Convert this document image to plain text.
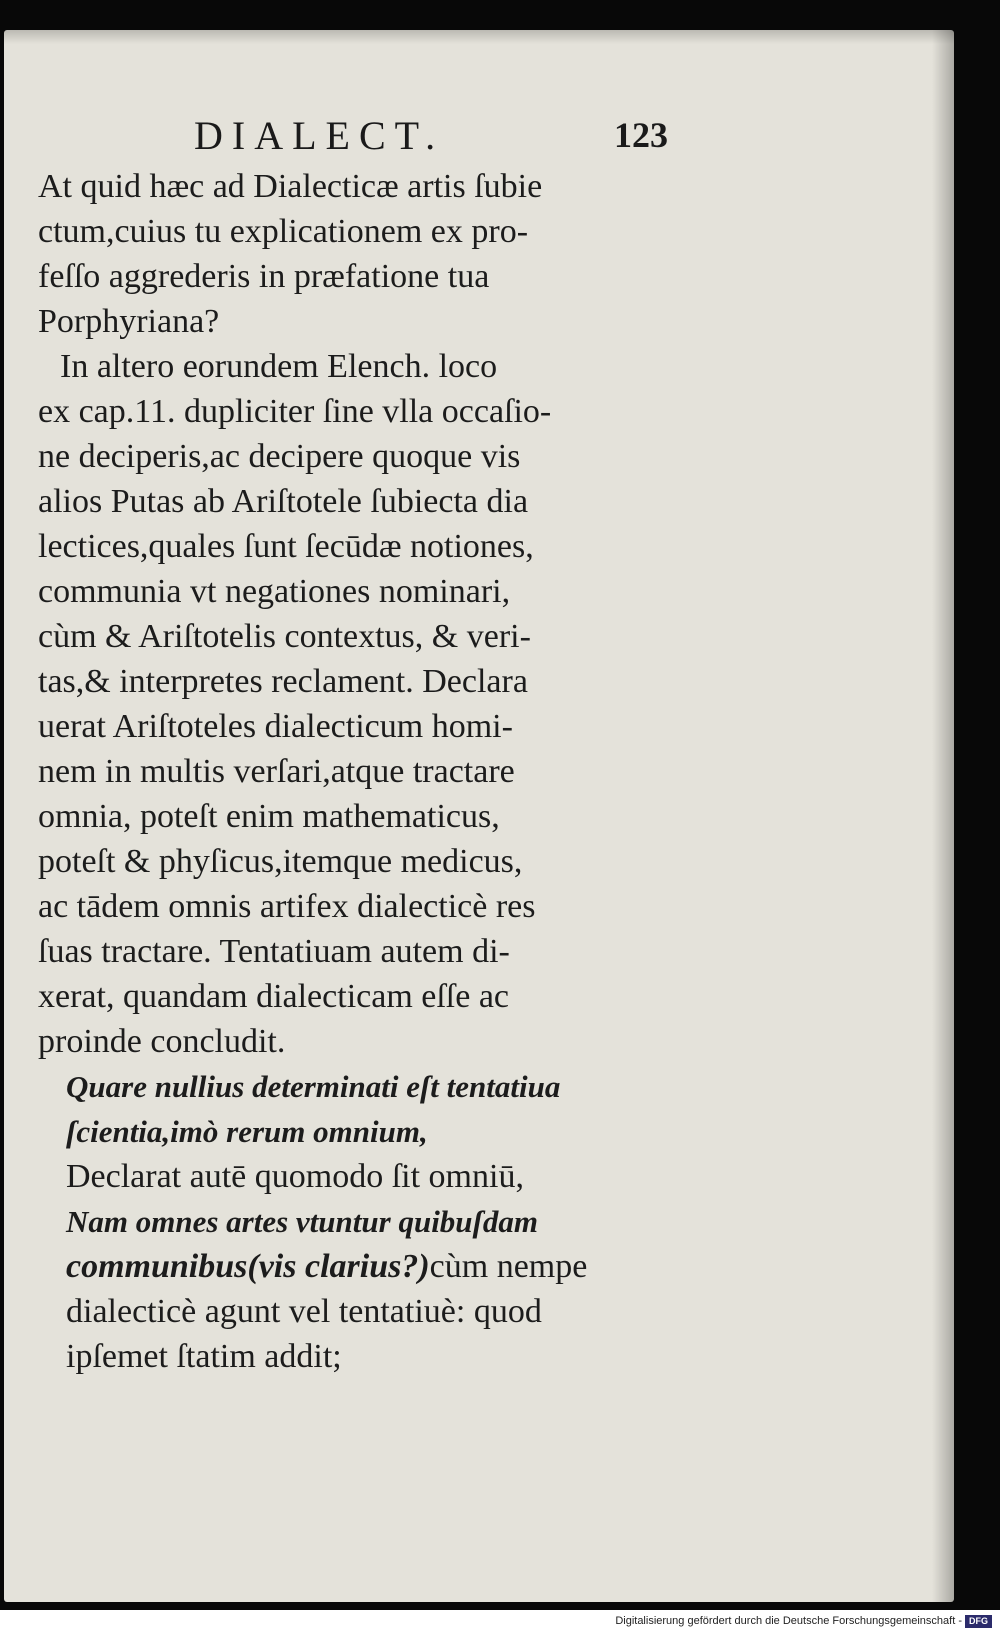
DIALECT.	123
At quid hæc ad Dialecticæ artis ſubie
ctum,cuius tu explicationem ex pro-
feſſo aggrederis in præfatione tua
Porphyriana?
In altero eorundem Elench. loco
ex cap.11. dupliciter ſine vlla occaſio-
ne deciperis,ac decipere quoque vis
alios Putas ab Ariſtotele ſubiecta dia
lectices,quales ſunt ſecūdæ notiones,
communia vt negationes nominari,
cùm & Ariſtotelis contextus, & veri-
tas,& interpretes reclament. Declara
uerat Ariſtoteles dialecticum homi-
nem in multis verſari,atque tractare
omnia, poteſt enim mathematicus,
poteſt & phyſicus,itemque medicus,
ac tādem omnis artifex dialecticè res
ſuas tractare. Tentatiuam autem di-
xerat, quandam dialecticam eſſe ac
proinde concludit.
Quare nullius determinati eſt tentatiua
ſcientia,imò rerum omnium,
Declarat autē quomodo ſit omniū,
Nam omnes artes vtuntur quibuſdam
communibus(vis clarius?)cùm nempe
dialecticè agunt vel tentatiuè: quod
ipſemet ſtatim addit;
Digitalisierung gefördert durch die Deutsche Forschungsgemeinschaft - DFG
